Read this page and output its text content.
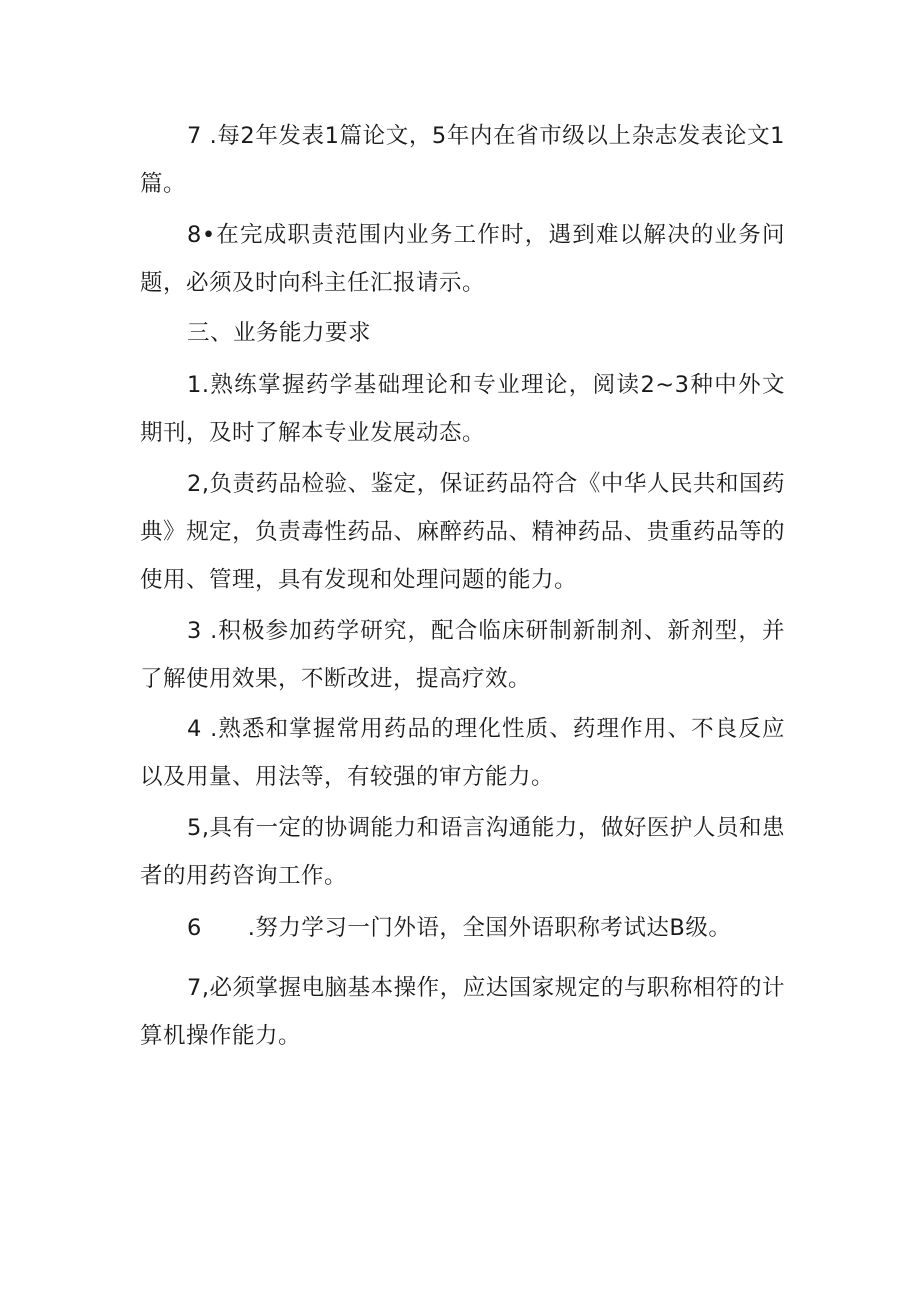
7 .每2年发表1篇论文，5年内在省市级以上杂志发表论文1篇。

8•在完成职责范围内业务工作时，遇到难以解决的业务问题，必须及时向科主任汇报请示。

三、业务能力要求

1.熟练掌握药学基础理论和专业理论，阅读2~3种中外文期刊，及时了解本专业发展动态。

2,负责药品检验、鉴定，保证药品符合《中华人民共和国药典》规定，负责毒性药品、麻醉药品、精神药品、贵重药品等的使用、管理，具有发现和处理问题的能力。

3 .积极参加药学研究，配合临床研制新制剂、新剂型，并了解使用效果，不断改进，提高疗效。

4 .熟悉和掌握常用药品的理化性质、药理作用、不良反应以及用量、用法等，有较强的审方能力。

5,具有一定的协调能力和语言沟通能力，做好医护人员和患者的用药咨询工作。

6      .努力学习一门外语，全国外语职称考试达B级。

7,必须掌握电脑基本操作，应达国家规定的与职称相符的计算机操作能力。
